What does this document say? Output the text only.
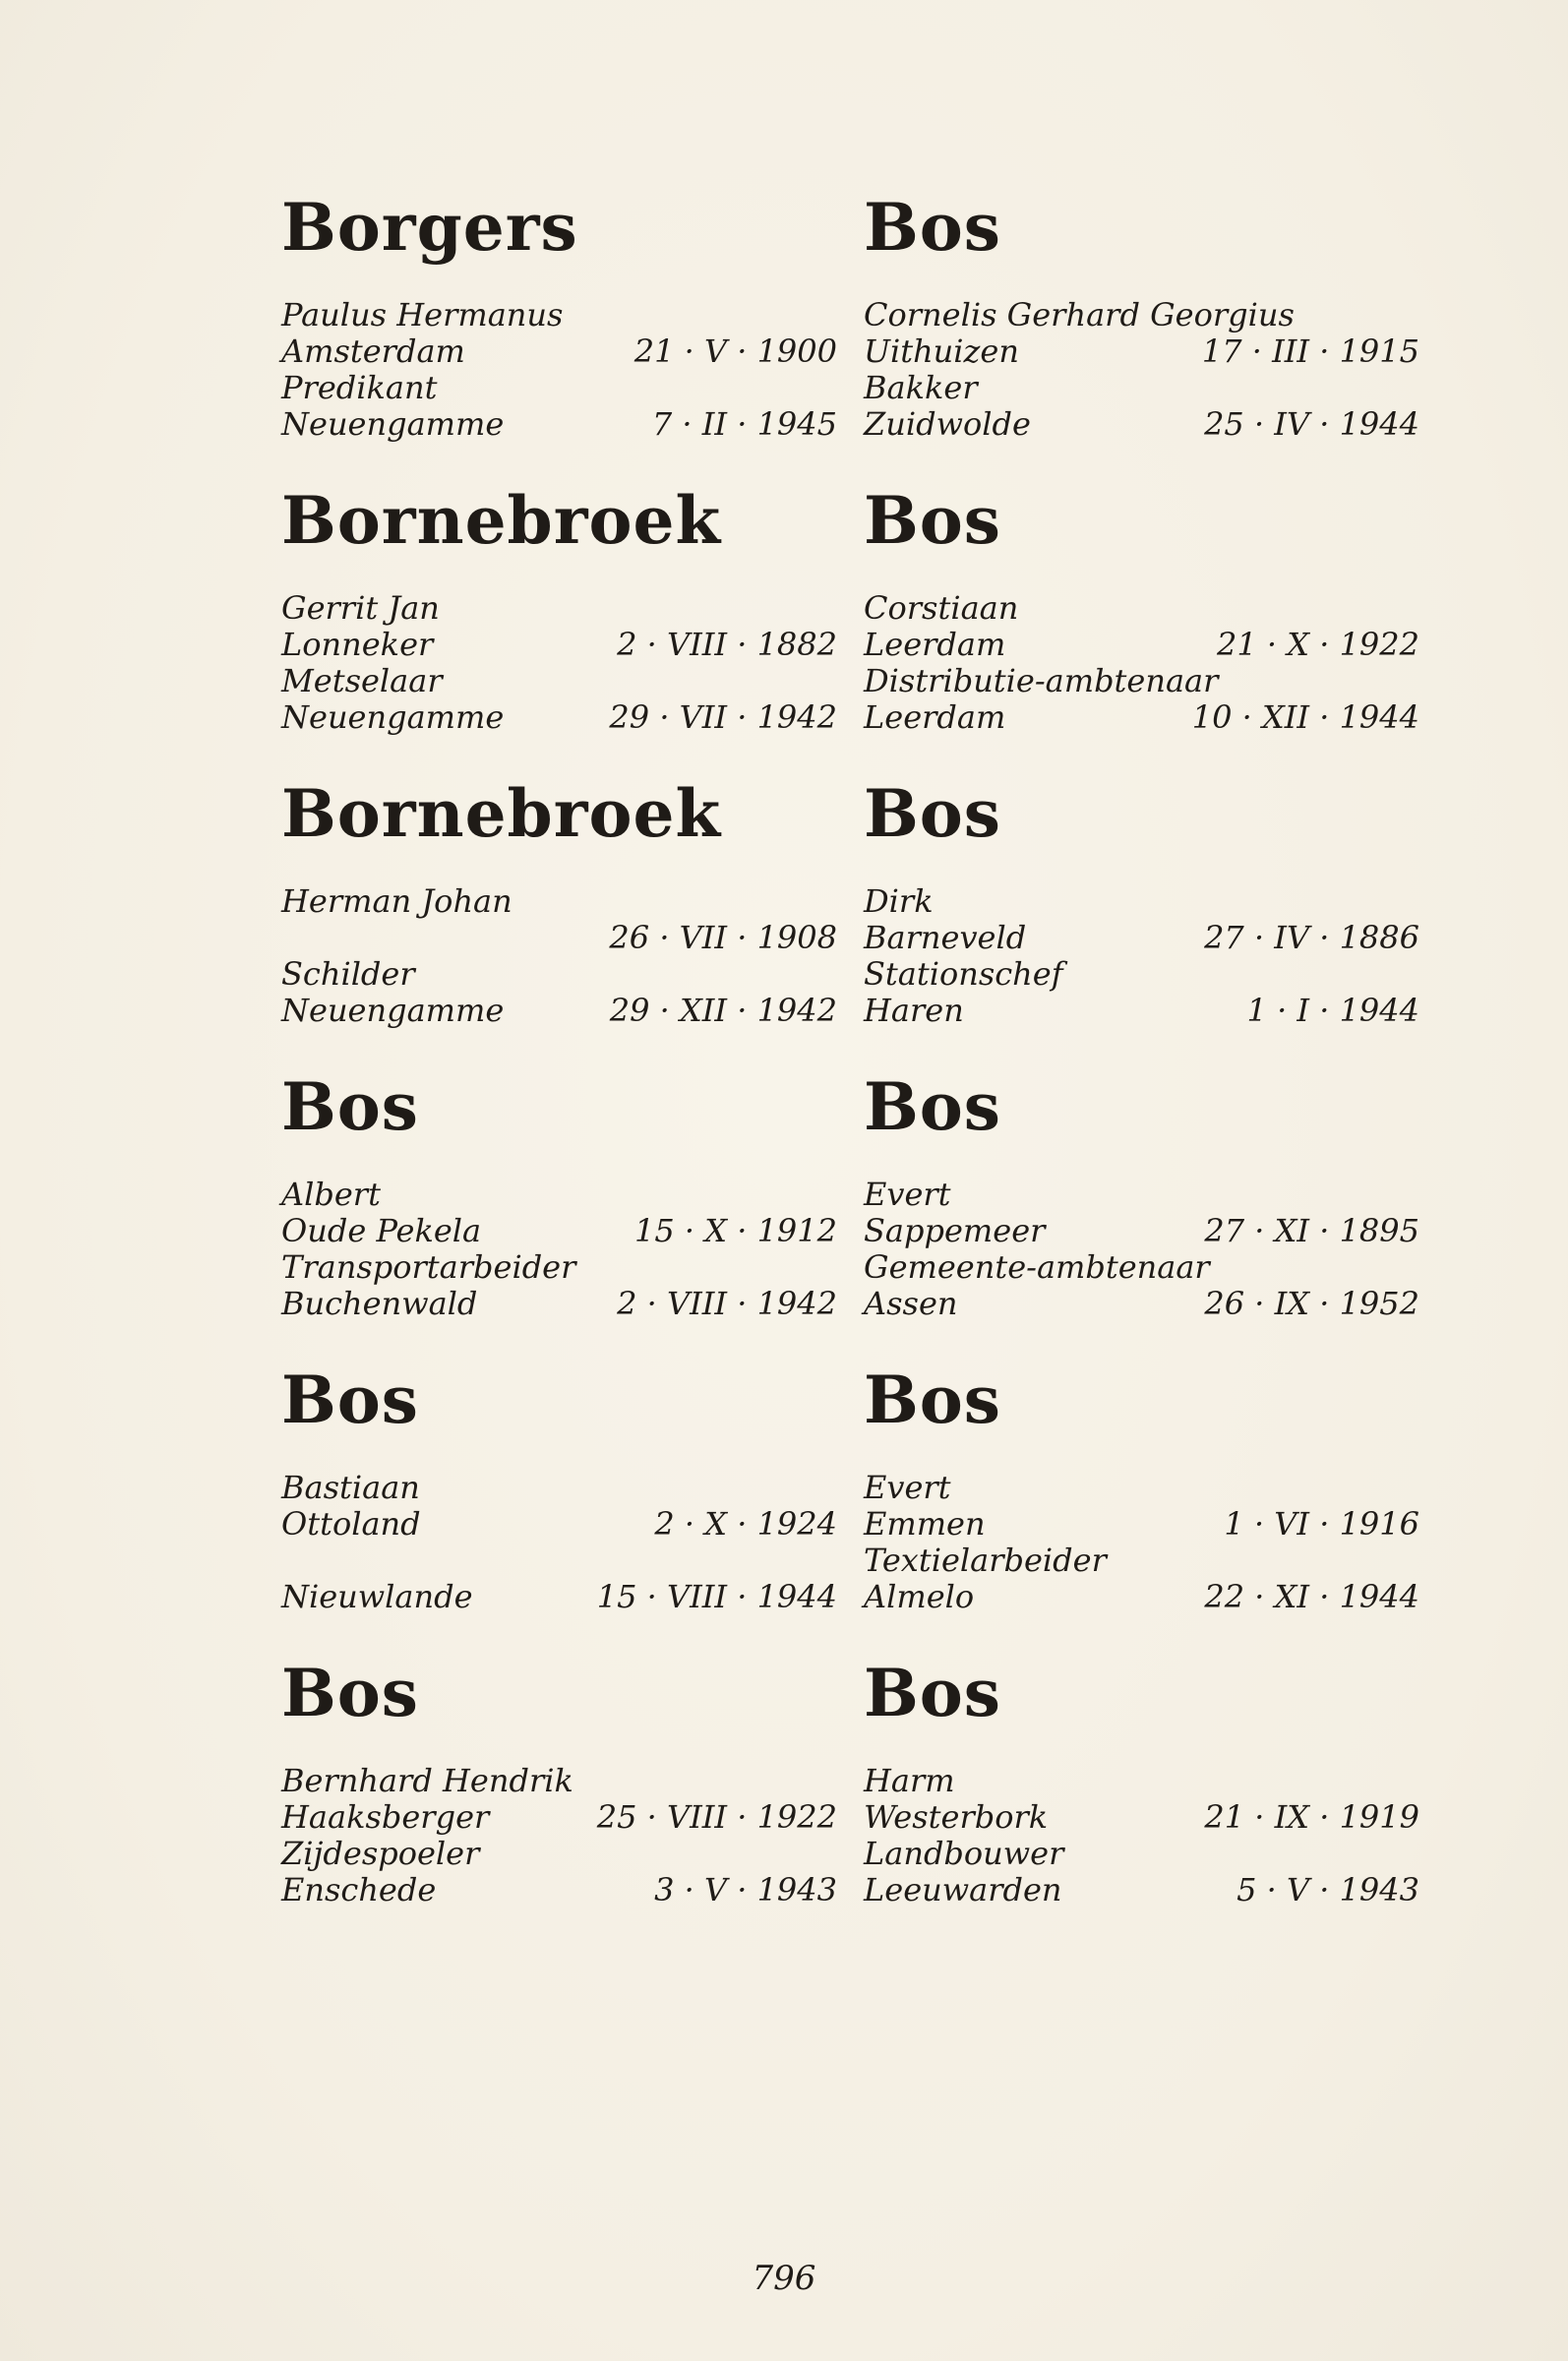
Borgers
Paulus Hermanus
Amsterdam	21 · V · 1900
Predikant
Neuengamme	7 · II · 1945
Bornebroek
Gerrit Jan
Lonneker	2 · VIII · 1882
Metselaar
Neuengamme	29 · VII · 1942
Bornebroek
Herman Johan
26 · VII · 1908
Schilder
Neuengamme	29 · XII · 1942
Bos
Albert
Oude Pekela	15 · X · 1912
Transportarbeider
Buchenwald	2 · VIII · 1942
Bos
Bastiaan
Ottoland	2 · X · 1924
Nieuwlande	15 · VIII · 1944
Bos
Bernhard Hendrik
Haaksberger	25 · VIII · 1922
Zijdespoeler
Enschede	3 · V · 1943
Bos
Cornelis Gerhard Georgius
Uithuizen	17 · III · 1915
Bakker
Zuidwolde	25 · IV · 1944
Bos
Corstiaan
Leerdam	21 · X · 1922
Distributie-ambtenaar
Leerdam	10 · XII · 1944
Bos
Dirk
Barneveld	27 · IV · 1886
Stationschef
Haren	1 · I · 1944
Bos
Evert
Sappemeer	27 · XI · 1895
Gemeente-ambtenaar
Assen	26 · IX · 1952
Bos
Evert
Emmen	1 · VI · 1916
Textielarbeider
Almelo	22 · XI · 1944
Bos
Harm
Westerbork	21 · IX · 1919
Landbouwer
Leeuwarden	5 · V · 1943
796
